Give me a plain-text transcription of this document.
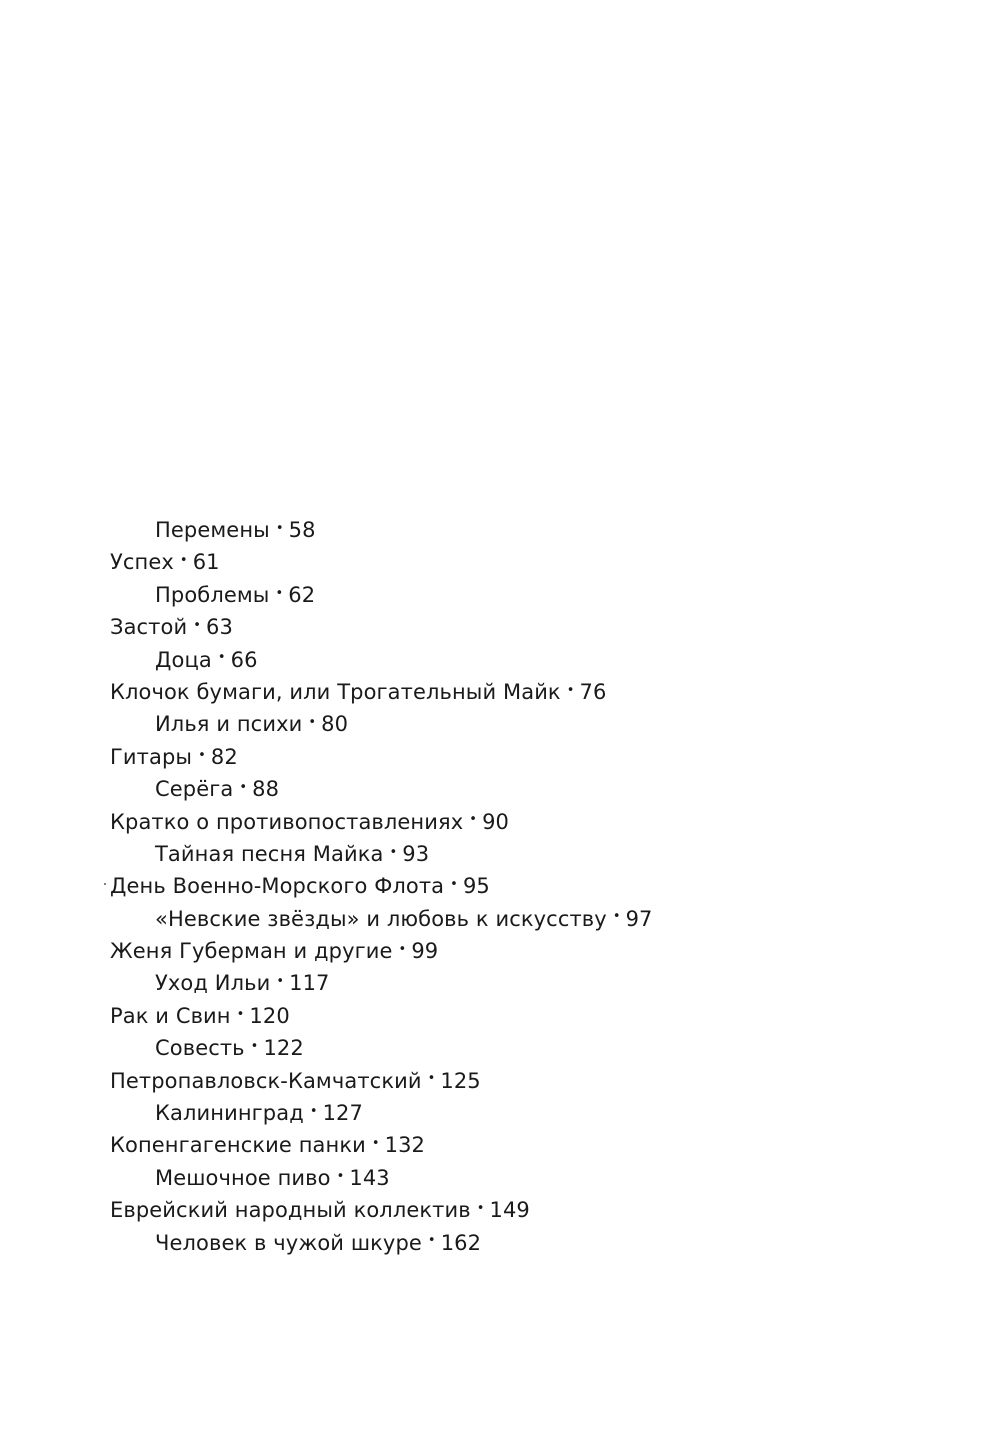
Перемены • 58
Успех • 61
Проблемы • 62
Застой • 63
Доца • 66
Клочок бумаги, или Трогательный Майк • 76
Илья и психи • 80
Гитары • 82
Серёга • 88
Кратко о противопоставлениях • 90
Тайная песня Майка • 93
День Военно-Морского Флота • 95
«Невские звёзды» и любовь к искусству • 97
Женя Губерман и другие • 99
Уход Ильи • 117
Рак и Свин • 120
Совесть • 122
Петропавловск-Камчатский • 125
Калининград • 127
Копенгагенские панки • 132
Мешочное пиво • 143
Еврейский народный коллектив • 149
Человек в чужой шкуре • 162
